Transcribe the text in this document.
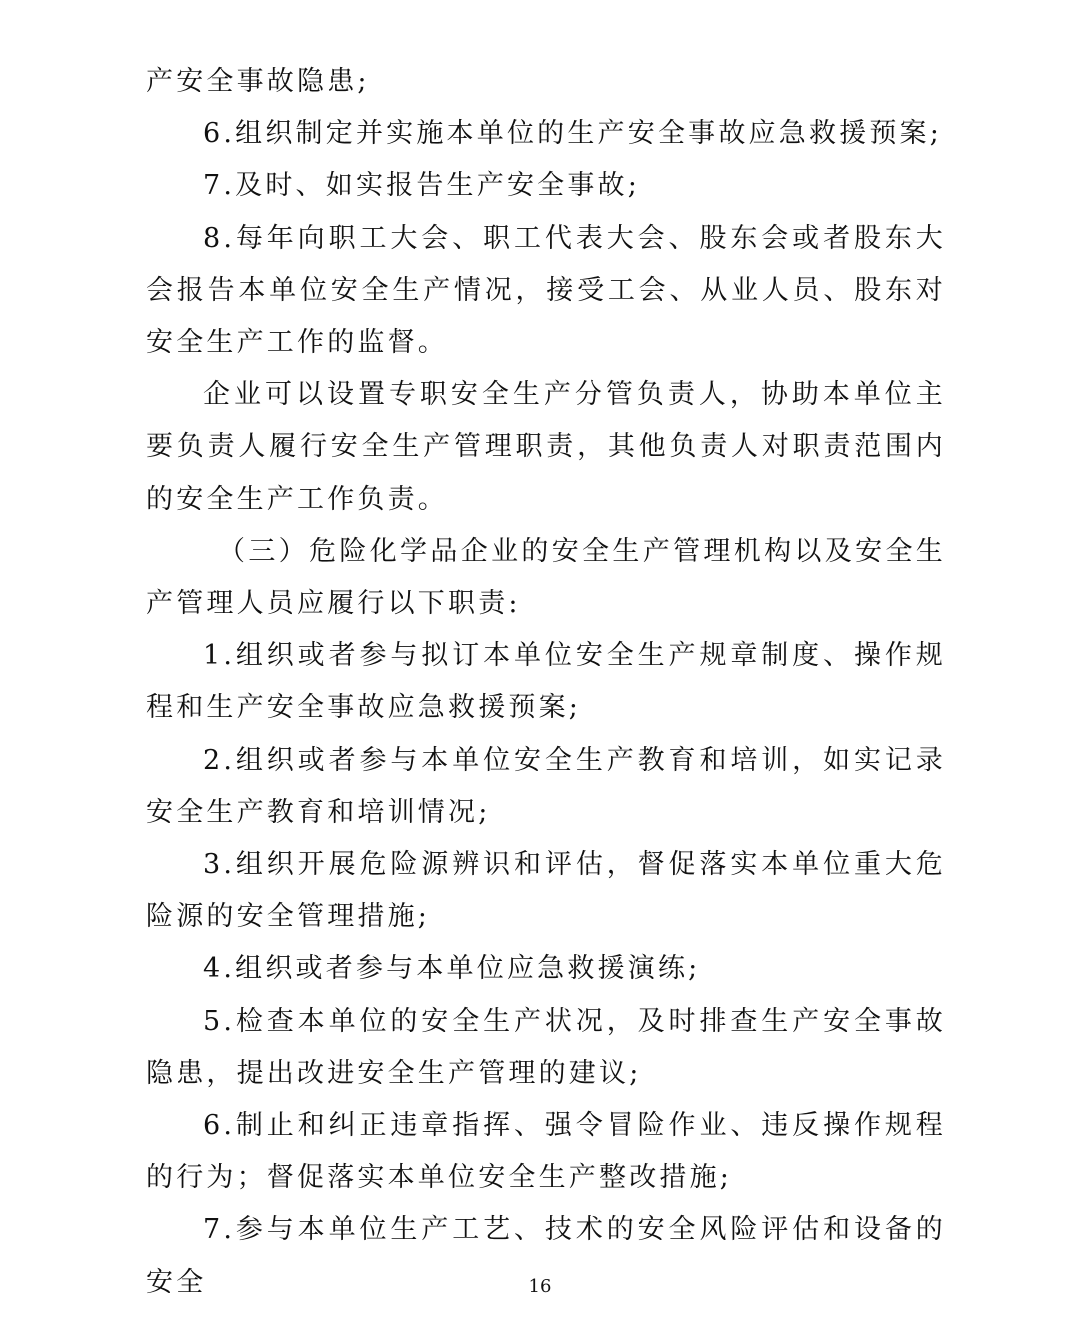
产安全事故隐患;

6.组织制定并实施本单位的生产安全事故应急救援预案;

7.及时、如实报告生产安全事故;

8.每年向职工大会、职工代表大会、股东会或者股东大会报告本单位安全生产情况，接受工会、从业人员、股东对安全生产工作的监督。

企业可以设置专职安全生产分管负责人，协助本单位主要负责人履行安全生产管理职责，其他负责人对职责范围内的安全生产工作负责。

（三）危险化学品企业的安全生产管理机构以及安全生产管理人员应履行以下职责:

1.组织或者参与拟订本单位安全生产规章制度、操作规程和生产安全事故应急救援预案;

2.组织或者参与本单位安全生产教育和培训，如实记录安全生产教育和培训情况;

3.组织开展危险源辨识和评估，督促落实本单位重大危险源的安全管理措施;

4.组织或者参与本单位应急救援演练;

5.检查本单位的安全生产状况，及时排查生产安全事故隐患，提出改进安全生产管理的建议;

6.制止和纠正违章指挥、强令冒险作业、违反操作规程的行为；督促落实本单位安全生产整改措施;

7.参与本单位生产工艺、技术的安全风险评估和设备的安全	16
